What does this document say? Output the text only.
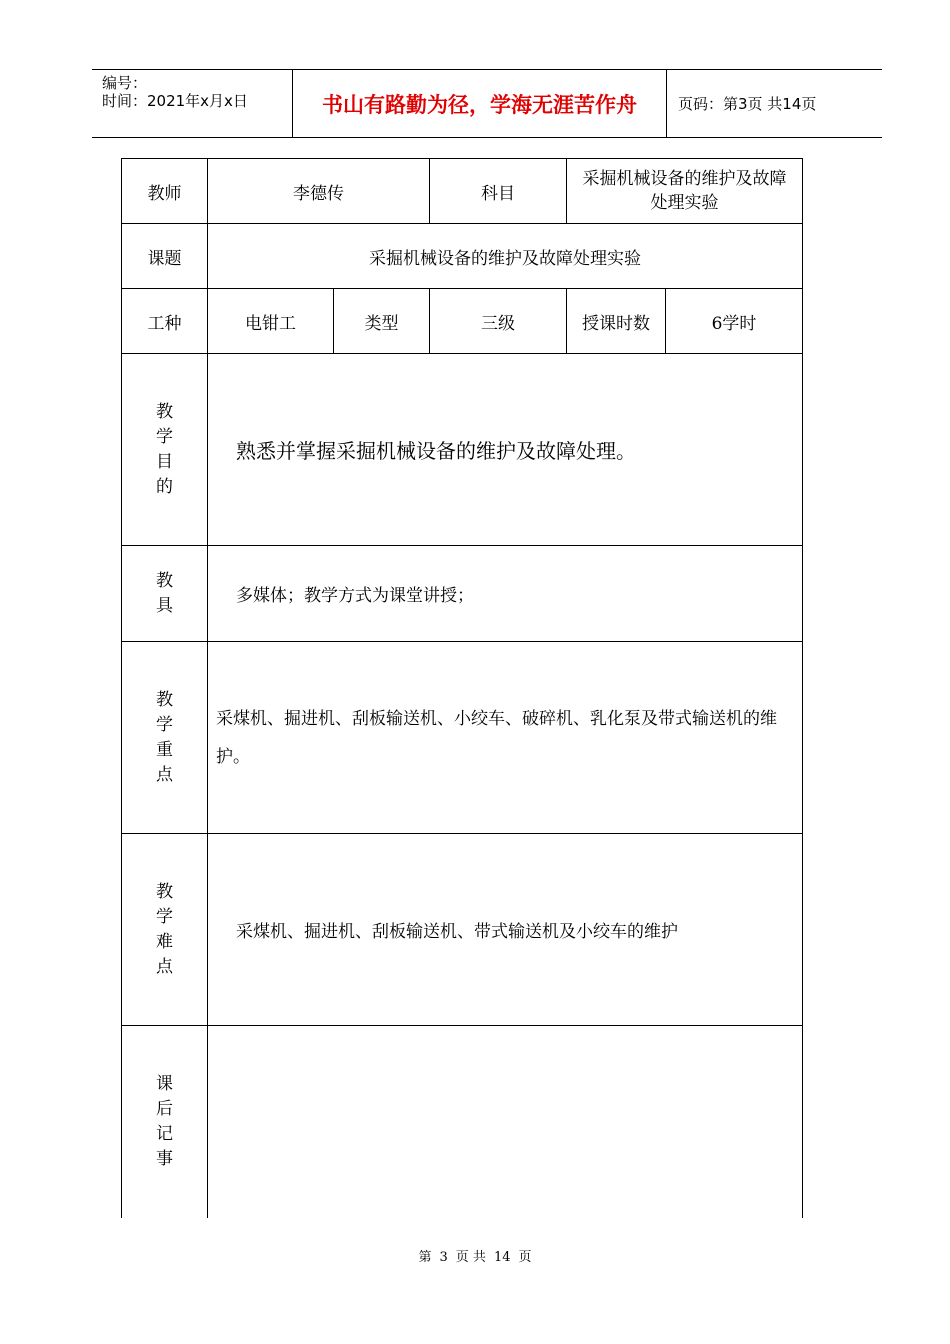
编号：
时间：2021年x月x日	书山有路勤为径，学海无涯苦作舟	页码：第3页 共14页
教师	李德传		科目	采掘机械设备的维护及故障处理实验	
课题	采掘机械设备的维护及故障处理实验				
工种	电钳工	类型	三级	授课时数	6学时
教学目的	熟悉并掌握采掘机械设备的维护及故障处理。				
教具	多媒体；教学方式为课堂讲授；				
教学重点	采煤机、掘进机、刮板输送机、小绞车、破碎机、乳化泵及带式输送机的维护。				
教学难点	采煤机、掘进机、刮板输送机、带式输送机及小绞车的维护				
课后记事					
第 3 页 共 14 页
